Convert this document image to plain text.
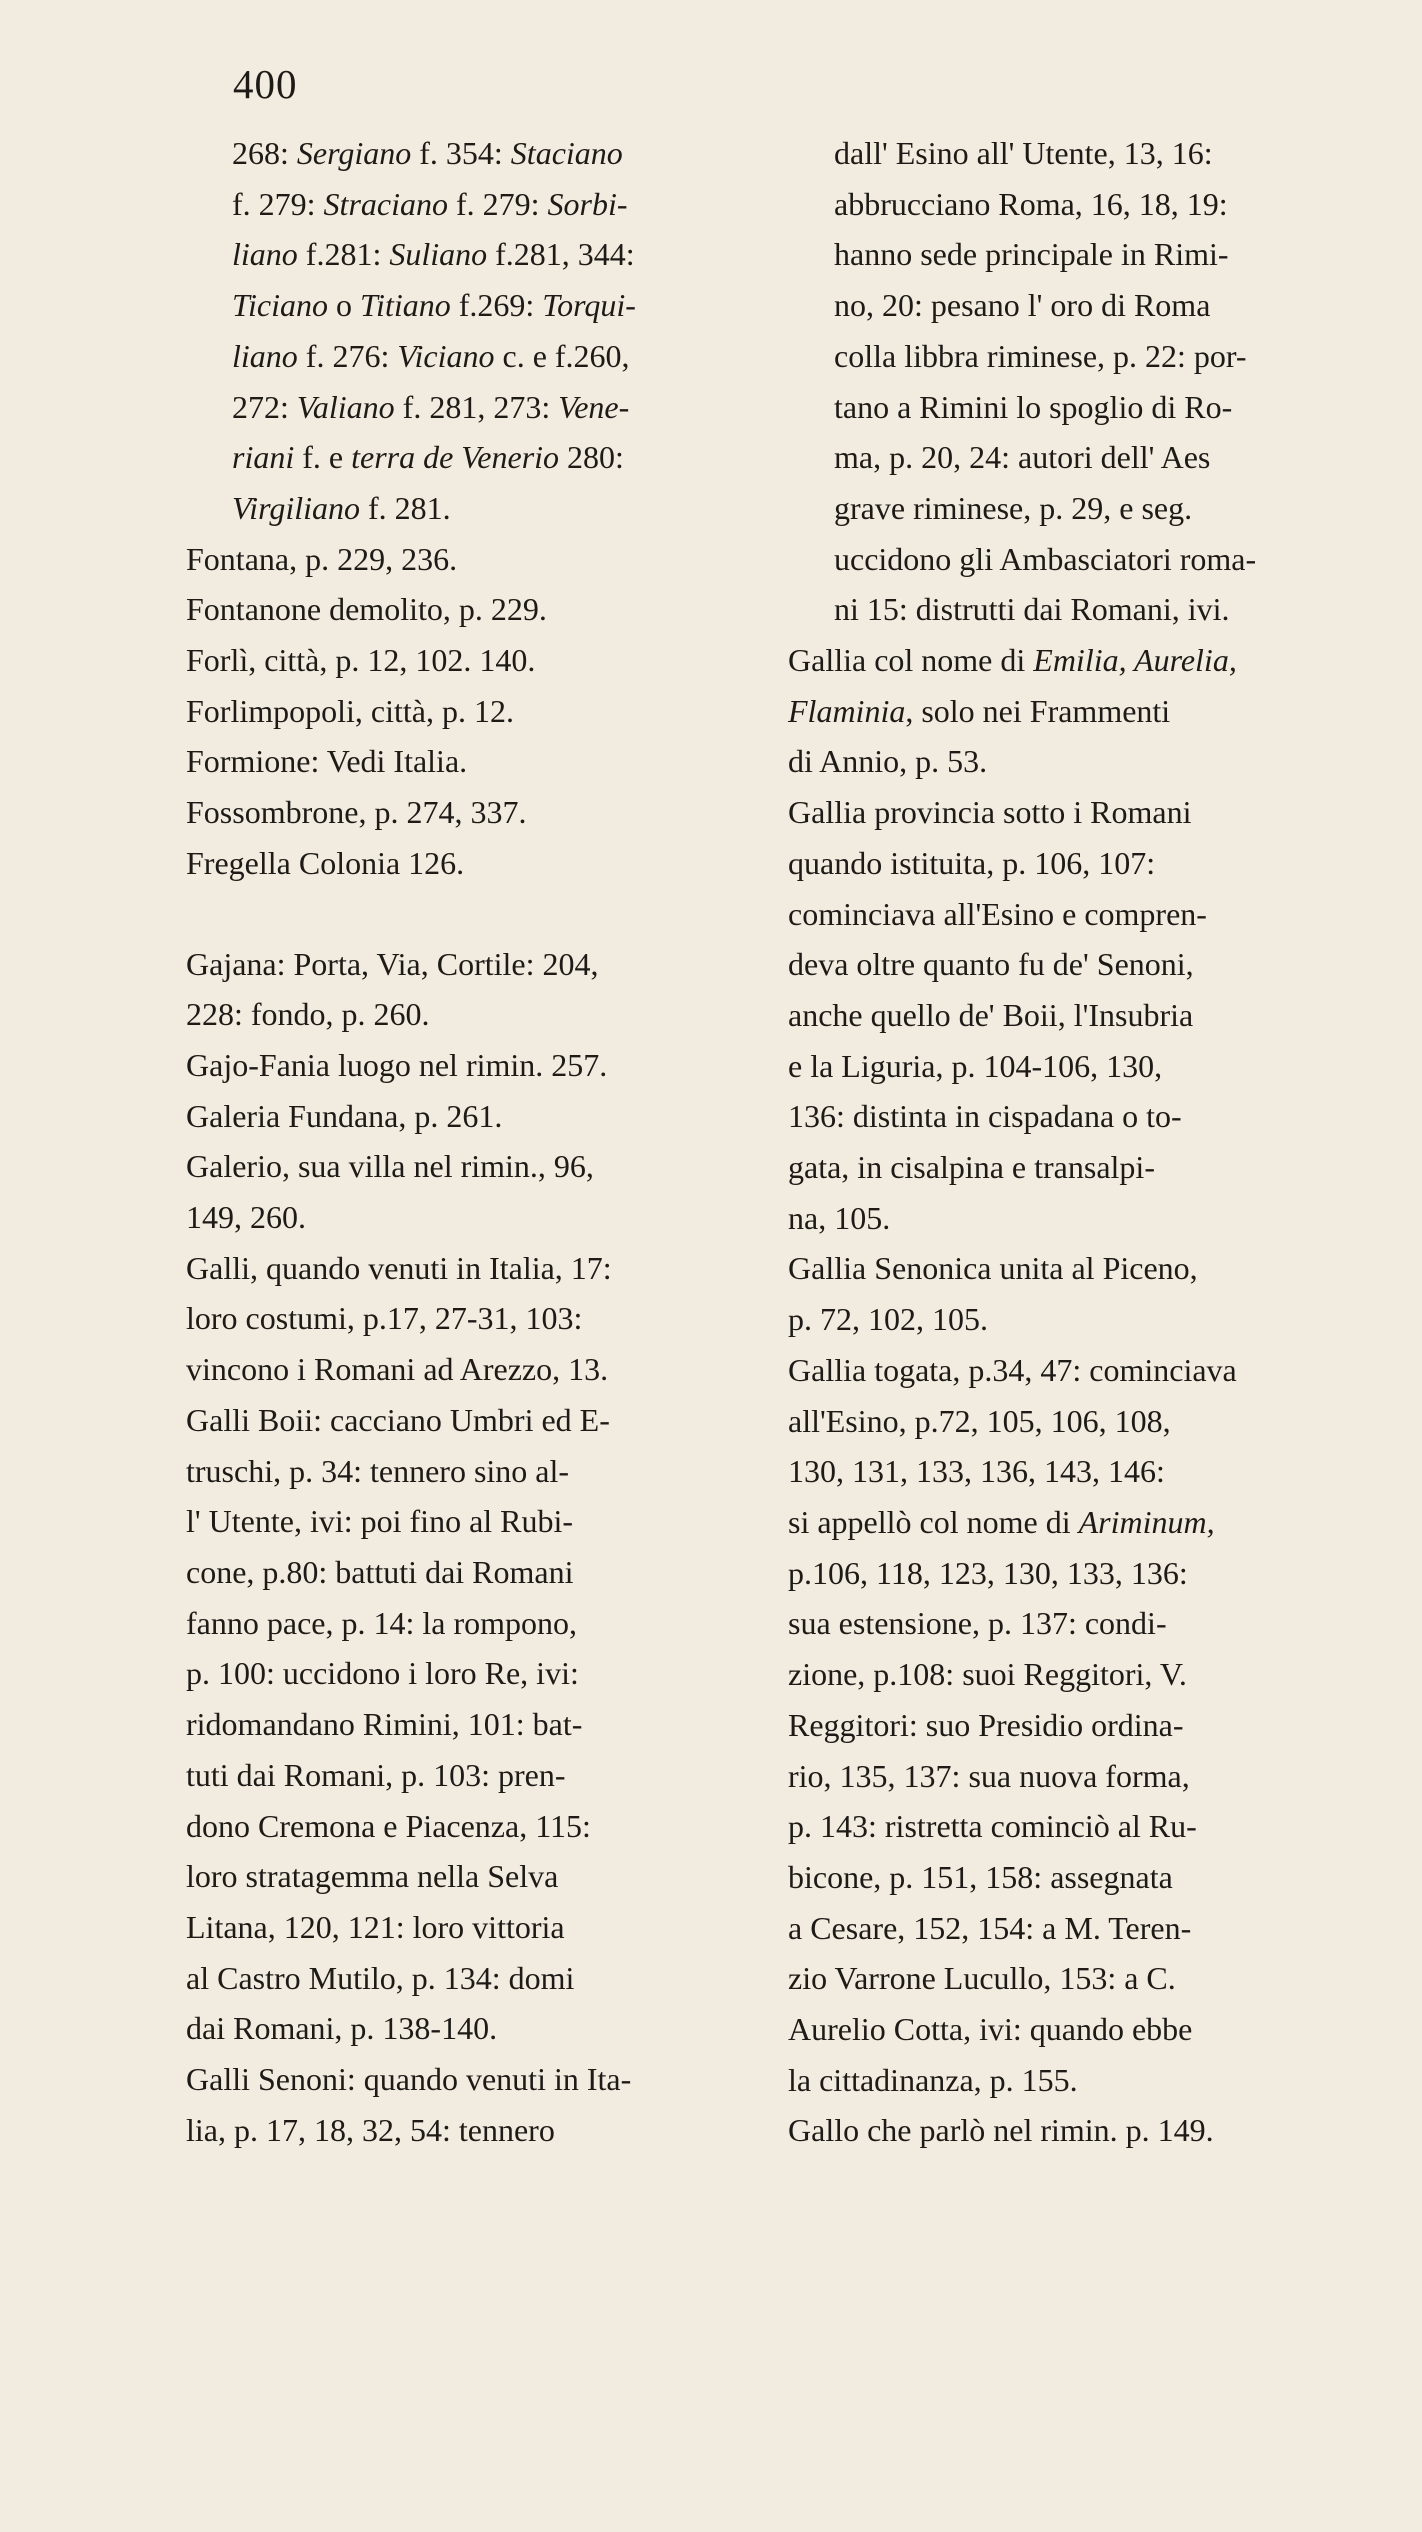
400
268: Sergiano f. 354: Staciano
f. 279: Straciano f. 279: Sorbi-
liano f.281: Suliano f.281, 344:
Ticiano o Titiano f.269: Torqui-
liano f. 276: Viciano c. e f.260,
272: Valiano f. 281, 273: Vene-
riani f. e terra de Venerio 280:
Virgiliano f. 281.
Fontana, p. 229, 236.
Fontanone demolito, p. 229.
Forlì, città, p. 12, 102. 140.
Forlimpopoli, città, p. 12.
Formione: Vedi Italia.
Fossombrone, p. 274, 337.
Fregella Colonia 126.
Gajana: Porta, Via, Cortile: 204,
228: fondo, p. 260.
Gajo-Fania luogo nel rimin. 257.
Galeria Fundana, p. 261.
Galerio, sua villa nel rimin., 96,
149, 260.
Galli, quando venuti in Italia, 17:
loro costumi, p.17, 27-31, 103:
vincono i Romani ad Arezzo, 13.
Galli Boii: cacciano Umbri ed E-
truschi, p. 34: tennero sino al-
l' Utente, ivi: poi fino al Rubi-
cone, p.80: battuti dai Romani
fanno pace, p. 14: la rompono,
p. 100: uccidono i loro Re, ivi:
ridomandano Rimini, 101: bat-
tuti dai Romani, p. 103: pren-
dono Cremona e Piacenza, 115:
loro stratagemma nella Selva
Litana, 120, 121: loro vittoria
al Castro Mutilo, p. 134: domi
dai Romani, p. 138-140.
Galli Senoni: quando venuti in Ita-
lia, p. 17, 18, 32, 54: tennero
dall' Esino all' Utente, 13, 16:
abbrucciano Roma, 16, 18, 19:
hanno sede principale in Rimi-
no, 20: pesano l' oro di Roma
colla libbra riminese, p. 22: por-
tano a Rimini lo spoglio di Ro-
ma, p. 20, 24: autori dell' Aes
grave riminese, p. 29, e seg.
uccidono gli Ambasciatori roma-
ni 15: distrutti dai Romani, ivi.
Gallia col nome di Emilia, Aurelia,
Flaminia, solo nei Frammenti
di Annio, p. 53.
Gallia provincia sotto i Romani
quando istituita, p. 106, 107:
cominciava all'Esino e compren-
deva oltre quanto fu de' Senoni,
anche quello de' Boii, l'Insubria
e la Liguria, p. 104-106, 130,
136: distinta in cispadana o to-
gata, in cisalpina e transalpi-
na, 105.
Gallia Senonica unita al Piceno,
p. 72, 102, 105.
Gallia togata, p.34, 47: cominciava
all'Esino, p.72, 105, 106, 108,
130, 131, 133, 136, 143, 146:
si appellò col nome di Ariminum,
p.106, 118, 123, 130, 133, 136:
sua estensione, p. 137: condi-
zione, p.108: suoi Reggitori, V.
Reggitori: suo Presidio ordina-
rio, 135, 137: sua nuova forma,
p. 143: ristretta cominciò al Ru-
bicone, p. 151, 158: assegnata
a Cesare, 152, 154: a M. Teren-
zio Varrone Lucullo, 153: a C.
Aurelio Cotta, ivi: quando ebbe
la cittadinanza, p. 155.
Gallo che parlò nel rimin. p. 149.
